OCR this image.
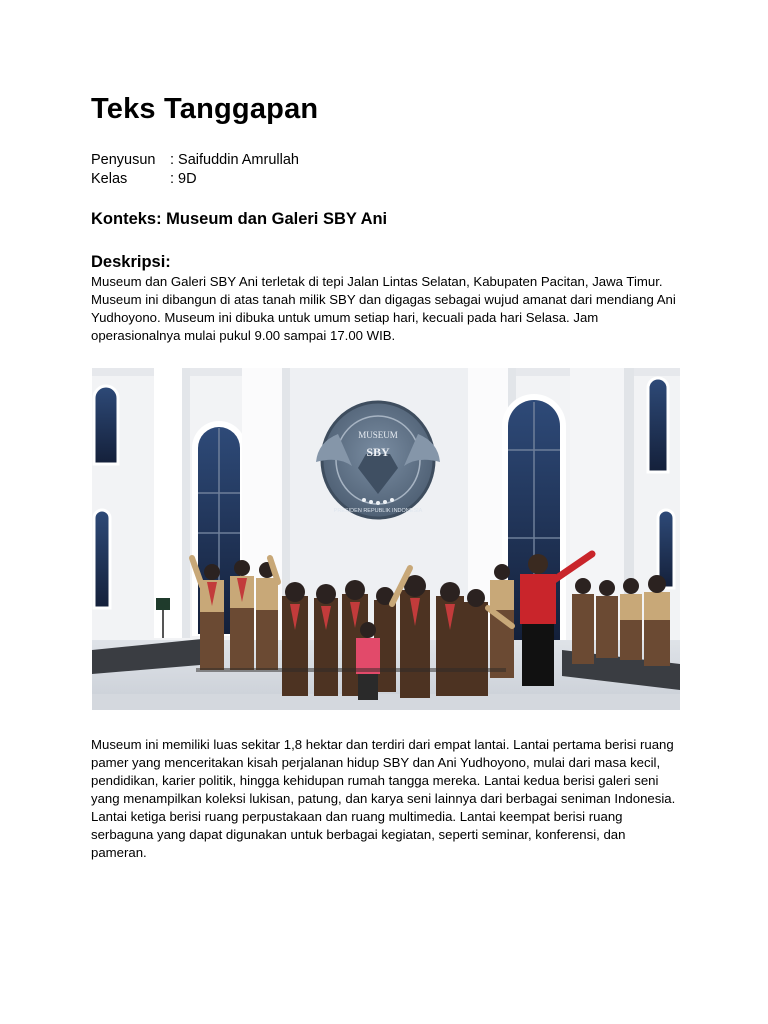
Teks Tanggapan
Penyusun	: Saifuddin Amrullah
Kelas	: 9D
Konteks: Museum dan Galeri SBY Ani
Deskripsi:

Museum dan Galeri SBY Ani terletak di tepi Jalan Lintas Selatan, Kabupaten Pacitan, Jawa Timur. Museum ini dibangun di atas tanah milik SBY dan digagas sebagai wujud amanat dari mendiang Ani Yudhoyono. Museum ini dibuka untuk umum setiap hari, kecuali pada hari Selasa. Jam operasionalnya mulai pukul 9.00 sampai 17.00 WIB.

MUSEUM
SBY
PRESIDEN REPUBLIK INDONESIA

Museum ini memiliki luas sekitar 1,8 hektar dan terdiri dari empat lantai. Lantai pertama berisi ruang pamer yang menceritakan kisah perjalanan hidup SBY dan Ani Yudhoyono, mulai dari masa kecil, pendidikan, karier politik, hingga kehidupan rumah tangga mereka. Lantai kedua berisi galeri seni yang menampilkan koleksi lukisan, patung, dan karya seni lainnya dari berbagai seniman Indonesia. Lantai ketiga berisi ruang perpustakaan dan ruang multimedia. Lantai keempat berisi ruang serbaguna yang dapat digunakan untuk berbagai kegiatan, seperti seminar, konferensi, dan pameran.
